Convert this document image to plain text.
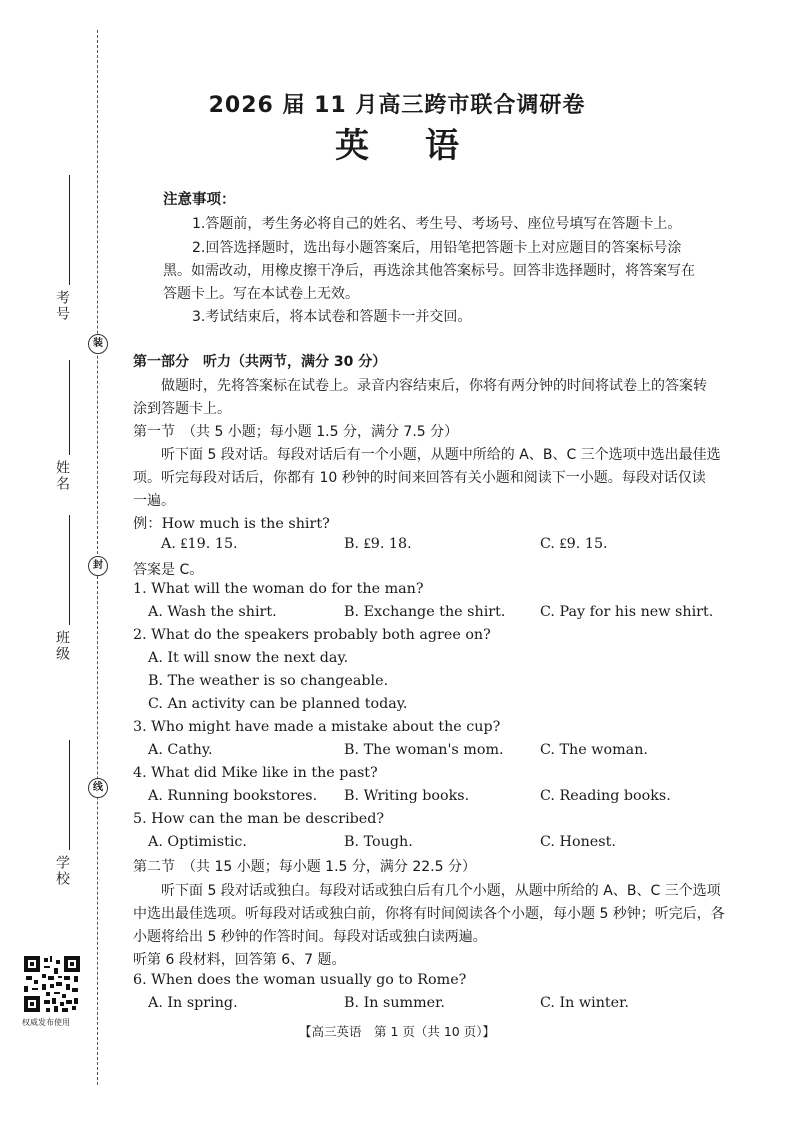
装
封
线
考号
姓名
班级
学校
权威发布使用
2026 届 11 月高三跨市联合调研卷
英语
注意事项：
1.答题前，考生务必将自己的姓名、考生号、考场号、座位号填写在答题卡上。
2.回答选择题时，选出每小题答案后，用铅笔把答题卡上对应题目的答案标号涂
黑。如需改动，用橡皮擦干净后，再选涂其他答案标号。回答非选择题时，将答案写在
答题卡上。写在本试卷上无效。
3.考试结束后，将本试卷和答题卡一并交回。
第一部分　听力（共两节，满分 30 分）
做题时，先将答案标在试卷上。录音内容结束后，你将有两分钟的时间将试卷上的答案转
涂到答题卡上。
第一节　（共 5 小题；每小题 1.5 分，满分 7.5 分）
听下面 5 段对话。每段对话后有一个小题，从题中所给的 A、B、C 三个选项中选出最佳选
项。听完每段对话后，你都有 10 秒钟的时间来回答有关小题和阅读下一小题。每段对话仅读
一遍。
例：How much is the shirt?
A. ₤19. 15.	B. ₤9. 18.	C. ₤9. 15.
答案是 C。
1. What will the woman do for the man?
A. Wash the shirt.	B. Exchange the shirt. C. Pay for his new shirt.
2. What do the speakers probably both agree on?
A. It will snow the next day.
B. The weather is so changeable.
C. An activity can be planned today.
3. Who might have made a mistake about the cup?
A. Cathy.	B. The woman's mom.	C. The woman.
4. What did Mike like in the past?
A. Running bookstores. B. Writing books.	C. Reading books.
5. How can the man be described?
A. Optimistic.	B. Tough.	C. Honest.
第二节　（共 15 小题；每小题 1.5 分，满分 22.5 分）
听下面 5 段对话或独白。每段对话或独白后有几个小题，从题中所给的 A、B、C 三个选项
中选出最佳选项。听每段对话或独白前，你将有时间阅读各个小题，每小题 5 秒钟；听完后，各
小题将给出 5 秒钟的作答时间。每段对话或独白读两遍。
听第 6 段材料，回答第 6、7 题。
6. When does the woman usually go to Rome?
A. In spring.	B. In summer.	C. In winter.
【高三英语　第 1 页（共 10 页）】
